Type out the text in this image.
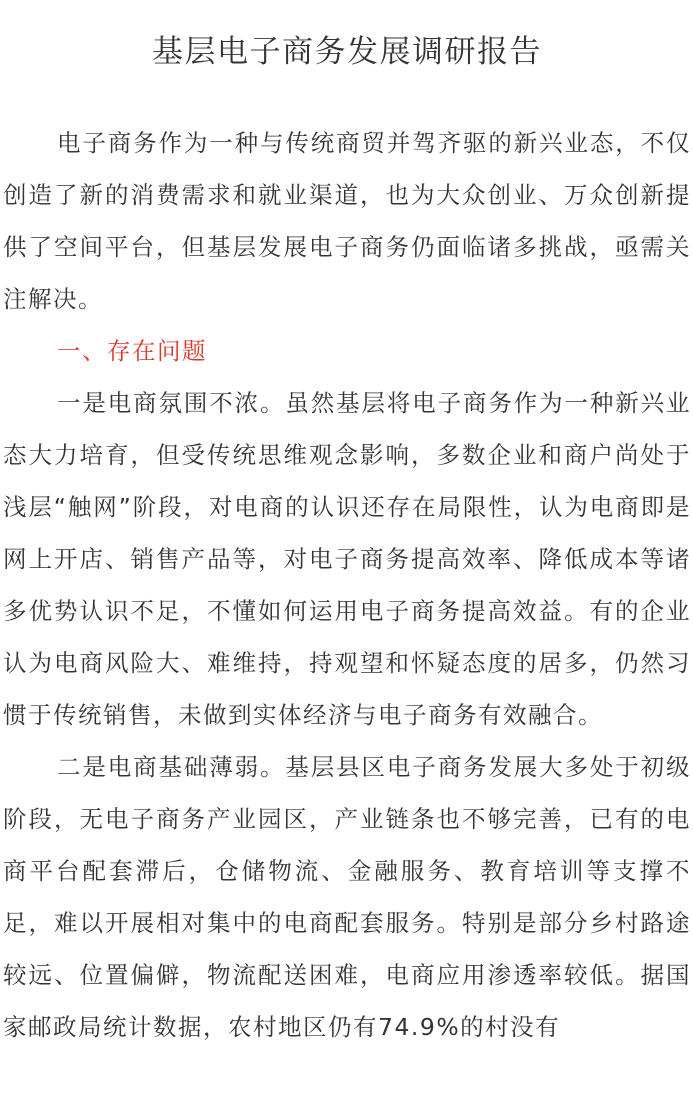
基层电子商务发展调研报告

电子商务作为一种与传统商贸并驾齐驱的新兴业态，不仅创造了新的消费需求和就业渠道，也为大众创业、万众创新提供了空间平台，但基层发展电子商务仍面临诸多挑战，亟需关注解决。

一、存在问题

一是电商氛围不浓。虽然基层将电子商务作为一种新兴业态大力培育，但受传统思维观念影响，多数企业和商户尚处于浅层“触网”阶段，对电商的认识还存在局限性，认为电商即是网上开店、销售产品等，对电子商务提高效率、降低成本等诸多优势认识不足，不懂如何运用电子商务提高效益。有的企业认为电商风险大、难维持，持观望和怀疑态度的居多，仍然习惯于传统销售，未做到实体经济与电子商务有效融合。

二是电商基础薄弱。基层县区电子商务发展大多处于初级阶段，无电子商务产业园区，产业链条也不够完善，已有的电商平台配套滞后，仓储物流、金融服务、教育培训等支撑不足，难以开展相对集中的电商配套服务。特别是部分乡村路途较远、位置偏僻，物流配送困难，电商应用渗透率较低。据国家邮政局统计数据，农村地区仍有74.9%的村没有
